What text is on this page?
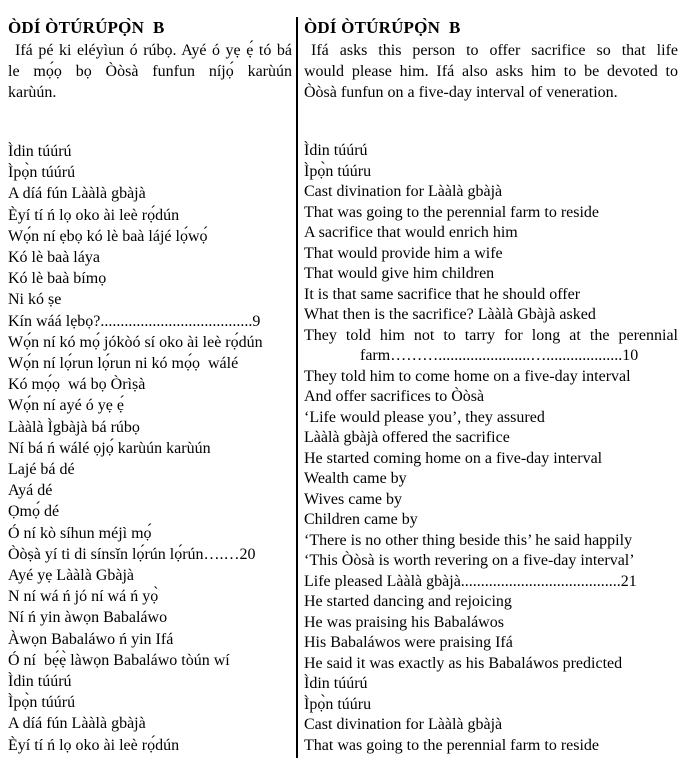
ÒDÍ ÒTÚRÚPỌ̀N  B
Ifá pé ki eléyìun ó rúbọ. Ayé ó yẹ ẹ́ tó bá
le mọ́ọ bọ Òòsà funfun níjọ́ karùún
karùún.
Ìdin túúrú
Ìpọ̀n túúrú
A díá fún Lààlà gbàjà
Èyí tí ń lọ oko ài leè rọ́dún
Wọ́n ní ẹbọ kó lè baà lájé lọ́wọ́
Kó lè baà láya
Kó lè baà bímọ
Ni kó ṣe
Kín wáá lẹbọ?......................................9
Wọ́n ní kó mọ́ jókòó sí oko ài leè rọ́dún
Wọ́n ní lọ́run lọ́run ni kó mọ́ọ  wálé
Kó mọ́ọ  wá bọ Òrìṣà
Wọ́n ní ayé ó yẹ ẹ́
Lààlà Ìgbàjà bá rúbọ
Ní bá ń wálé ọjọ́ karùún karùún
Lajé bá dé
Ayá dé
Ọmọ́ dé
Ó ní kò síhun méjì mọ́
Òòṣà yí ti di sínsǐn lọ́rún lọ́rún….…20
Ayé yẹ Lààlà Gbàjà
N ní wá ń jó ní wá ń yọ̀
Ní ń yin àwọn Babaláwo
Àwọn Babaláwo ń yin Ifá
Ó ní  bẹ́ẹ̀ làwọn Babaláwo tòún wí
Ìdin túúrú
Ìpọ̀n túúrú
A díá fún Lààlà gbàjà
Èyí tí ń lọ oko ài leè rọ́dún
ÒDÍ ÒTÚRÚPỌ̀N  B
Ifá asks this person to offer sacrifice so that life
would please him. Ifá also asks him to be devoted to
Òòsà funfun on a five-day interval of veneration.
Ìdin túúrú
Ìpọ̀n túúru
Cast divination for Lààlà gbàjà
That was going to the perennial farm to reside
A sacrifice that would enrich him
That would provide him a wife
That would give him children
It is that same sacrifice that he should offer
What then is the sacrifice? Lààlà Gbàjà asked
They told him not to tarry for long at the perennial
farm……….......................…...................10
They told him to come home on a five-day interval
And offer sacrifices to Òòsà
‘Life would please you’, they assured
Lààlà gbàjà offered the sacrifice
He started coming home on a five-day interval
Wealth came by
Wives came by
Children came by
‘There is no other thing beside this’ he said happily
‘This Òòsà is worth revering on a five-day interval’
Life pleased Lààlà gbàjà........................................21
He started dancing and rejoicing
He was praising his Babaláwos
His Babaláwos were praising Ifá
He said it was exactly as his Babaláwos predicted
Ìdin túúrú
Ìpọ̀n túúru
Cast divination for Lààlà gbàjà
That was going to the perennial farm to reside
